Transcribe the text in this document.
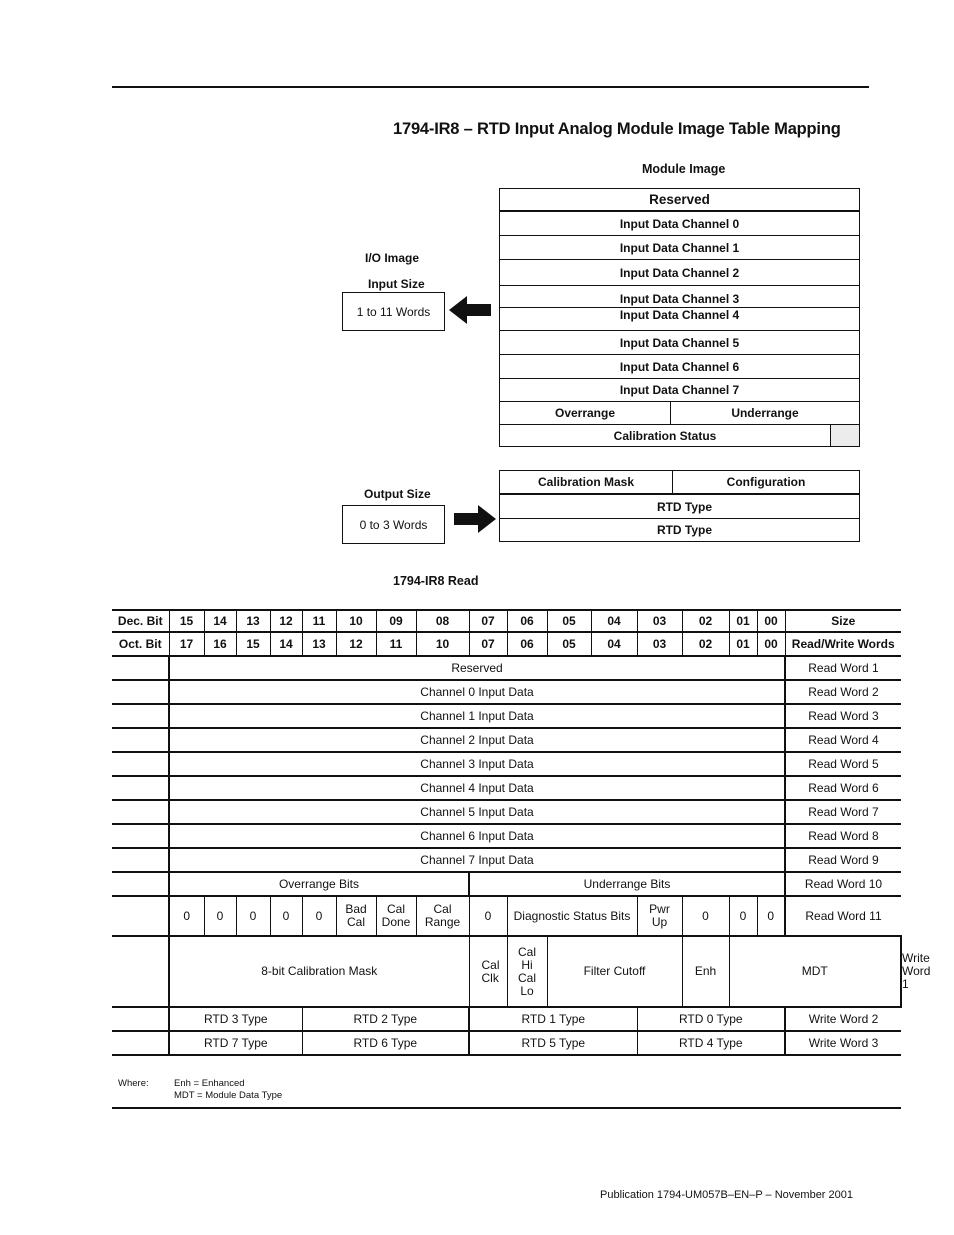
1794-IR8 – RTD Input Analog Module Image Table Mapping
Module Image
I/O Image
Input Size
1 to 11 Words
Reserved
Input Data Channel 0
Input Data Channel 1
Input Data Channel 2
Input Data Channel 3
Input Data Channel 4
Input Data Channel 5
Input Data Channel 6
Input Data Channel 7
Overrange	Underrange
Calibration Status
Output Size
0 to 3 Words
Calibration Mask	Configuration
RTD Type
RTD Type
1794-IR8 Read
Dec. Bit	15	14	13	12	11	10	09	08	07	06	05	04	03	02	01	00	Size	
Oct. Bit	17	16	15	14	13	12	11	10	07	06	05	04	03	02	01	00	Read/Write Words	
	Reserved																Read Word 1	
	Channel 0 Input Data																Read Word 2	
	Channel 1 Input Data																Read Word 3	
	Channel 2 Input Data																Read Word 4	
	Channel 3 Input Data																Read Word 5	
	Channel 4 Input Data																Read Word 6	
	Channel 5 Input Data																Read Word 7	
	Channel 6 Input Data																Read Word 8	
	Channel 7 Input Data																Read Word 9	
	Overrange Bits								Underrange Bits								Read Word 10	
	0	0	0	0	0	Bad Cal	Cal Done	Cal Range	0	Diagnostic Status Bits			Pwr Up	0	0	0	Read Word 11	
	8-bit Calibration Mask								Cal Clk	Cal Hi Cal Lo	Filter Cutoff			Enh	MDT			Write Word 1
	RTD 3 Type				RTD 2 Type				RTD 1 Type				RTD 0 Type				Write Word 2	
	RTD 7 Type				RTD 6 Type				RTD 5 Type				RTD 4 Type				Write Word 3	
Where:	Enh = Enhanced
MDT = Module Data Type
Publication 1794-UM057B–EN–P – November 2001
